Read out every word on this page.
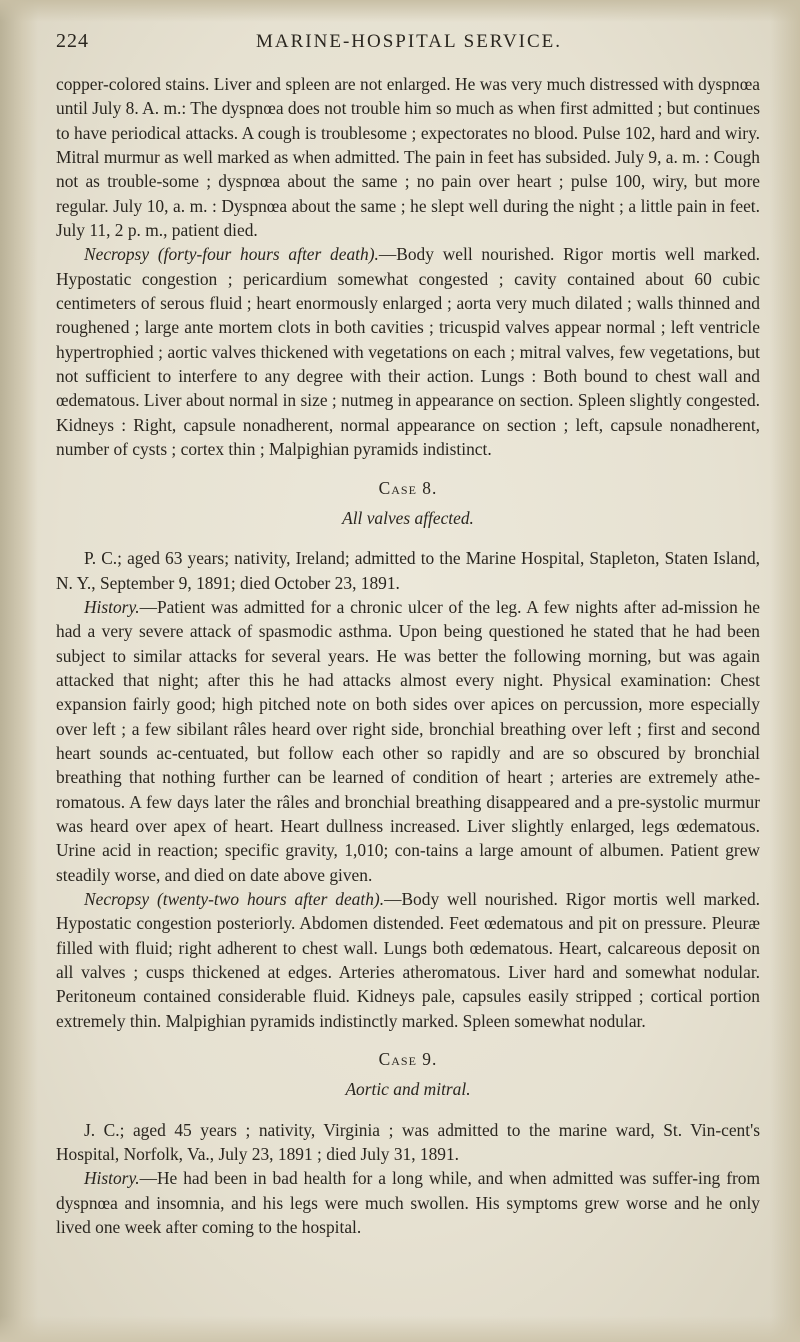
224	MARINE-HOSPITAL SERVICE.

copper-colored stains. Liver and spleen are not enlarged. He was very much distressed with dyspnœa until July 8. A. m.: The dyspnœa does not trouble him so much as when first admitted ; but continues to have periodical attacks. A cough is troublesome ; expectorates no blood. Pulse 102, hard and wiry. Mitral murmur as well marked as when admitted. The pain in feet has subsided. July 9, a. m. : Cough not as trouble-some ; dyspnœa about the same ; no pain over heart ; pulse 100, wiry, but more regular. July 10, a. m. : Dyspnœa about the same ; he slept well during the night ; a little pain in feet. July 11, 2 p. m., patient died.

Necropsy (forty-four hours after death).—Body well nourished. Rigor mortis well marked. Hypostatic congestion ; pericardium somewhat congested ; cavity contained about 60 cubic centimeters of serous fluid ; heart enormously enlarged ; aorta very much dilated ; walls thinned and roughened ; large ante mortem clots in both cavities ; tricuspid valves appear normal ; left ventricle hypertrophied ; aortic valves thickened with vegetations on each ; mitral valves, few vegetations, but not sufficient to interfere to any degree with their action. Lungs : Both bound to chest wall and œdematous. Liver about normal in size ; nutmeg in appearance on section. Spleen slightly congested. Kidneys : Right, capsule nonadherent, normal appearance on section ; left, capsule nonadherent, number of cysts ; cortex thin ; Malpighian pyramids indistinct.

Case 8.
All valves affected.

P. C.; aged 63 years; nativity, Ireland; admitted to the Marine Hospital, Stapleton, Staten Island, N. Y., September 9, 1891; died October 23, 1891.

History.—Patient was admitted for a chronic ulcer of the leg. A few nights after ad-mission he had a very severe attack of spasmodic asthma. Upon being questioned he stated that he had been subject to similar attacks for several years. He was better the following morning, but was again attacked that night; after this he had attacks almost every night. Physical examination: Chest expansion fairly good; high pitched note on both sides over apices on percussion, more especially over left ; a few sibilant râles heard over right side, bronchial breathing over left ; first and second heart sounds ac-centuated, but follow each other so rapidly and are so obscured by bronchial breathing that nothing further can be learned of condition of heart ; arteries are extremely athe-romatous. A few days later the râles and bronchial breathing disappeared and a pre-systolic murmur was heard over apex of heart. Heart dullness increased. Liver slightly enlarged, legs œdematous. Urine acid in reaction; specific gravity, 1,010; con-tains a large amount of albumen. Patient grew steadily worse, and died on date above given.

Necropsy (twenty-two hours after death).—Body well nourished. Rigor mortis well marked. Hypostatic congestion posteriorly. Abdomen distended. Feet œdematous and pit on pressure. Pleuræ filled with fluid; right adherent to chest wall. Lungs both œdematous. Heart, calcareous deposit on all valves ; cusps thickened at edges. Arteries atheromatous. Liver hard and somewhat nodular. Peritoneum contained considerable fluid. Kidneys pale, capsules easily stripped ; cortical portion extremely thin. Malpighian pyramids indistinctly marked. Spleen somewhat nodular.

Case 9.
Aortic and mitral.

J. C.; aged 45 years ; nativity, Virginia ; was admitted to the marine ward, St. Vin-cent's Hospital, Norfolk, Va., July 23, 1891 ; died July 31, 1891.

History.—He had been in bad health for a long while, and when admitted was suffer-ing from dyspnœa and insomnia, and his legs were much swollen. His symptoms grew worse and he only lived one week after coming to the hospital.
